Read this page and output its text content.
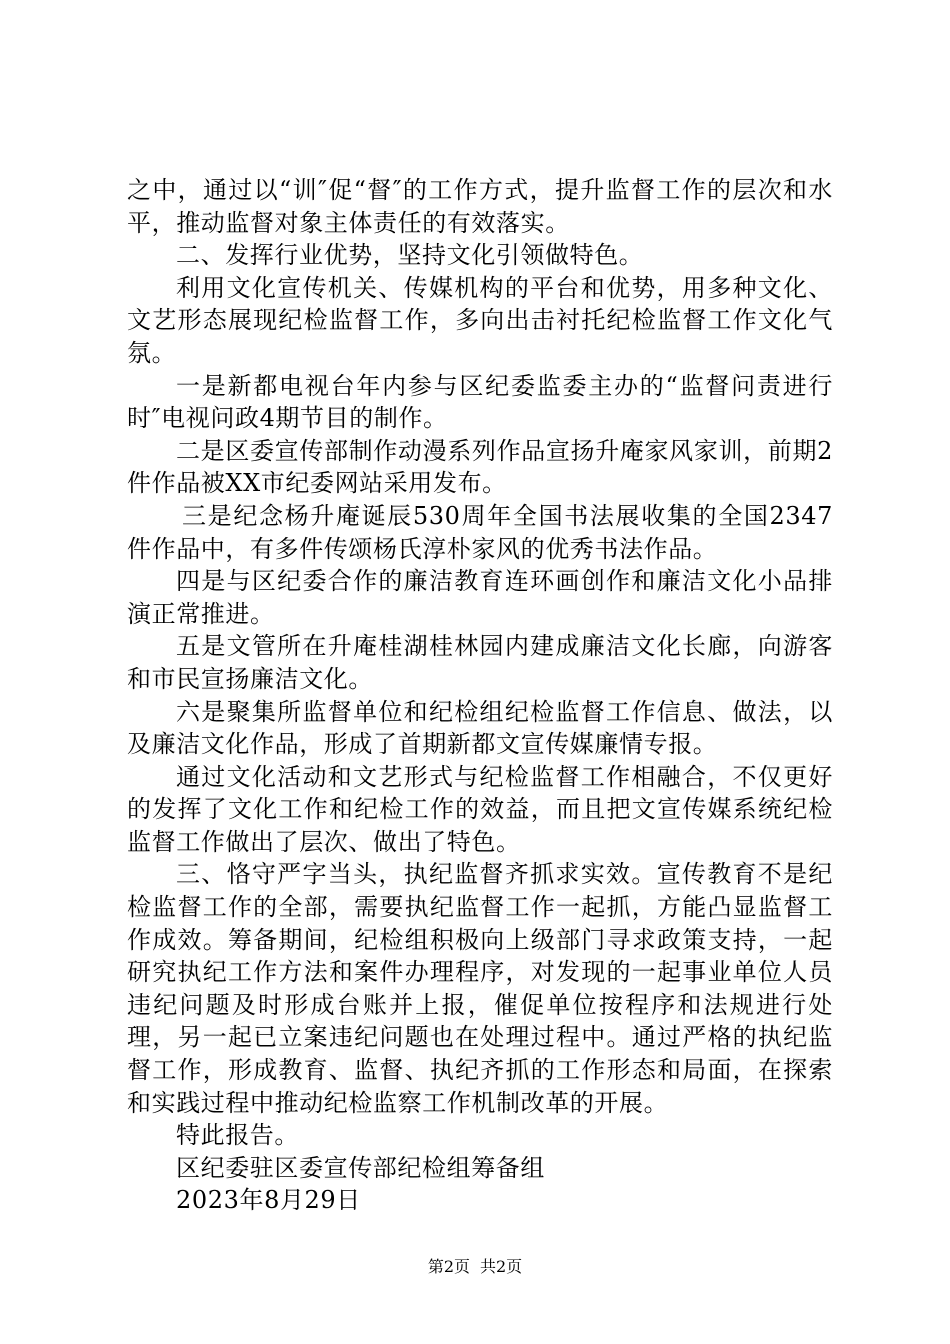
之中，通过以“训″促“督″的工作方式，提升监督工作的层次和水平，推动监督对象主体责任的有效落实。

二、发挥行业优势，坚持文化引领做特色。

利用文化宣传机关、传媒机构的平台和优势，用多种文化、文艺形态展现纪检监督工作，多向出击衬托纪检监督工作文化气氛。

一是新都电视台年内参与区纪委监委主办的“监督问责进行时″电视问政4期节目的制作。

二是区委宣传部制作动漫系列作品宣扬升庵家风家训，前期2件作品被XX市纪委网站采用发布。

三是纪念杨升庵诞辰530周年全国书法展收集的全国2347件作品中，有多件传颂杨氏淳朴家风的优秀书法作品。

四是与区纪委合作的廉洁教育连环画创作和廉洁文化小品排演正常推进。

五是文管所在升庵桂湖桂林园内建成廉洁文化长廊，向游客和市民宣扬廉洁文化。

六是聚集所监督单位和纪检组纪检监督工作信息、做法，以及廉洁文化作品，形成了首期新都文宣传媒廉情专报。

通过文化活动和文艺形式与纪检监督工作相融合，不仅更好的发挥了文化工作和纪检工作的效益，而且把文宣传媒系统纪检监督工作做出了层次、做出了特色。

三、恪守严字当头，执纪监督齐抓求实效。宣传教育不是纪检监督工作的全部，需要执纪监督工作一起抓，方能凸显监督工作成效。筹备期间，纪检组积极向上级部门寻求政策支持，一起研究执纪工作方法和案件办理程序，对发现的一起事业单位人员违纪问题及时形成台账并上报，催促单位按程序和法规进行处理，另一起已立案违纪问题也在处理过程中。通过严格的执纪监督工作，形成教育、监督、执纪齐抓的工作形态和局面，在探索和实践过程中推动纪检监察工作机制改革的开展。

特此报告。

区纪委驻区委宣传部纪检组筹备组

2023年8月29日

第2页 共2页
